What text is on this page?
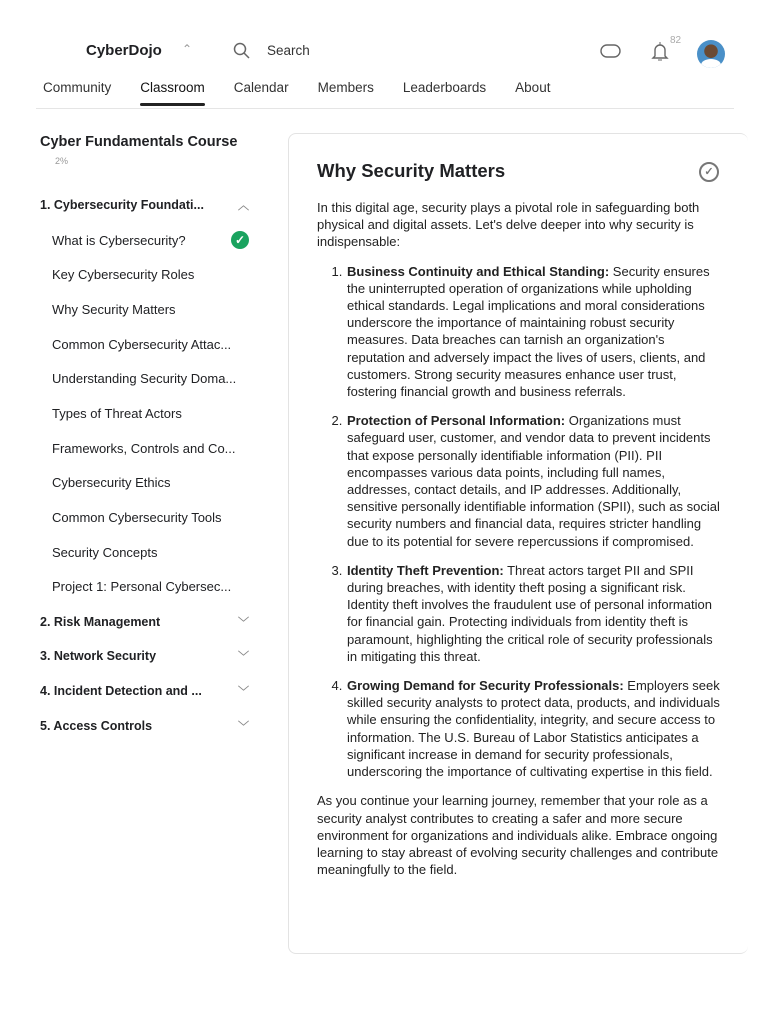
CyberDojo ⌃	Search
82
Community Classroom Calendar Members Leaderboards About
Cyber Fundamentals Course
2%
1. Cybersecurity Foundati...	︿
What is Cybersecurity?	✓
Key Cybersecurity Roles
Why Security Matters
Common Cybersecurity Attac...
Understanding Security Doma...
Types of Threat Actors
Frameworks, Controls and Co...
Cybersecurity Ethics
Common Cybersecurity Tools
Security Concepts
Project 1: Personal Cybersec...
2. Risk Management	﹀
3. Network Security	﹀
4. Incident Detection and ...	﹀
5. Access Controls	﹀
Why Security Matters	✓

In this digital age, security plays a pivotal role in safeguarding both physical and digital assets. Let's delve deeper into why security is indispensable:

1. Business Continuity and Ethical Standing: Security ensures the uninterrupted operation of organizations while upholding ethical standards. Legal implications and moral considerations underscore the importance of maintaining robust security measures. Data breaches can tarnish an organization's reputation and adversely impact the lives of users, clients, and customers. Strong security measures enhance user trust, fostering financial growth and business referrals.
2. Protection of Personal Information: Organizations must safeguard user, customer, and vendor data to prevent incidents that expose personally identifiable information (PII). PII encompasses various data points, including full names, addresses, contact details, and IP addresses. Additionally, sensitive personally identifiable information (SPII), such as social security numbers and financial data, requires stricter handling due to its potential for severe repercussions if compromised.
3. Identity Theft Prevention: Threat actors target PII and SPII during breaches, with identity theft posing a significant risk. Identity theft involves the fraudulent use of personal information for financial gain. Protecting individuals from identity theft is paramount, highlighting the critical role of security professionals in mitigating this threat.
4. Growing Demand for Security Professionals: Employers seek skilled security analysts to protect data, products, and individuals while ensuring the confidentiality, integrity, and secure access to information. The U.S. Bureau of Labor Statistics anticipates a significant increase in demand for security professionals, underscoring the importance of cultivating expertise in this field.

As you continue your learning journey, remember that your role as a security analyst contributes to creating a safer and more secure environment for organizations and individuals alike. Embrace ongoing learning to stay abreast of evolving security challenges and contribute meaningfully to the field.
